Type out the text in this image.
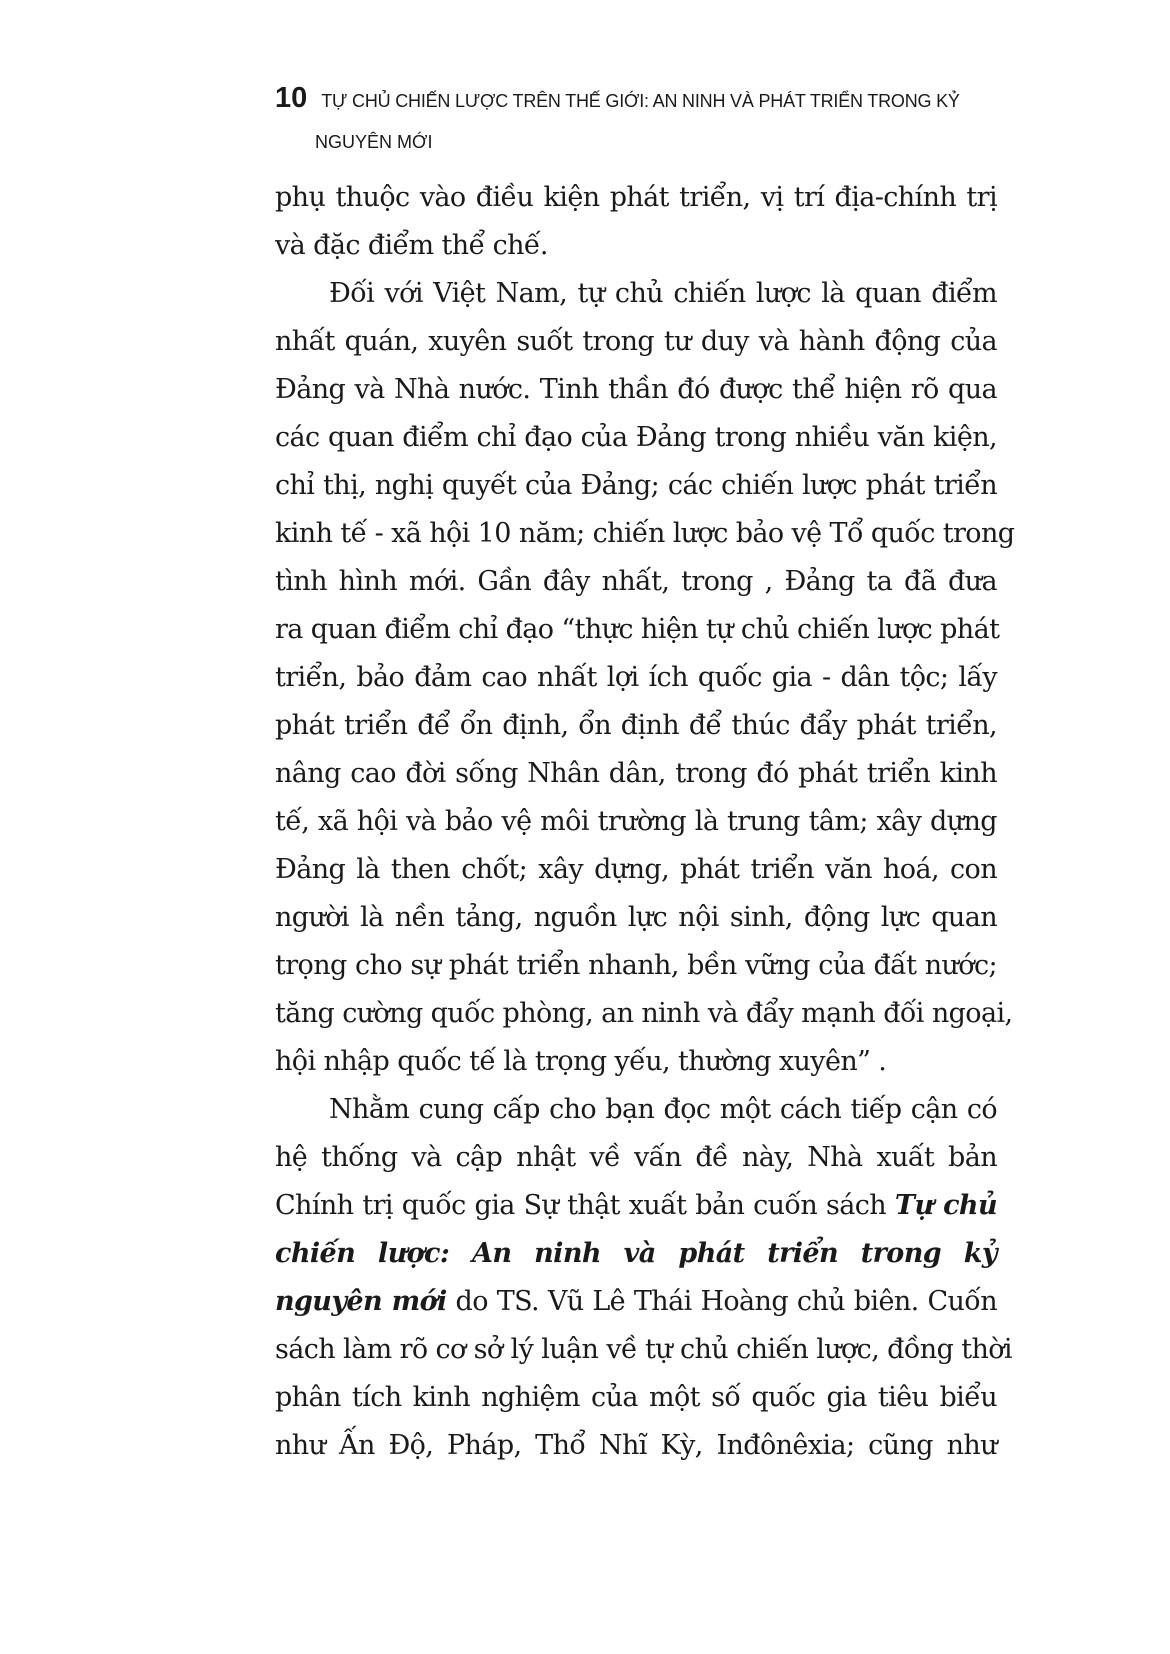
10 TỰ CHỦ CHIẾN LƯỢC TRÊN THẾ GIỚI: AN NINH VÀ PHÁT TRIỂN TRONG KỶ
NGUYÊN MỚI
phụ thuộc vào điều kiện phát triển, vị trí địa-chính trị
và đặc điểm thể chế.
Đối với Việt Nam, tự chủ chiến lược là quan điểm
nhất quán, xuyên suốt trong tư duy và hành động của
Đảng và Nhà nước. Tinh thần đó được thể hiện rõ qua
các quan điểm chỉ đạo của Đảng trong nhiều văn kiện,
chỉ thị, nghị quyết của Đảng; các chiến lược phát triển
kinh tế - xã hội 10 năm; chiến lược bảo vệ Tổ quốc trong
tình hình mới. Gần đây nhất, trong , Đảng ta đã đưa
ra quan điểm chỉ đạo “thực hiện tự chủ chiến lược phát
triển, bảo đảm cao nhất lợi ích quốc gia - dân tộc; lấy
phát triển để ổn định, ổn định để thúc đẩy phát triển,
nâng cao đời sống Nhân dân, trong đó phát triển kinh
tế, xã hội và bảo vệ môi trường là trung tâm; xây dựng
Đảng là then chốt; xây dựng, phát triển văn hoá, con
người là nền tảng, nguồn lực nội sinh, động lực quan
trọng cho sự phát triển nhanh, bền vững của đất nước;
tăng cường quốc phòng, an ninh và đẩy mạnh đối ngoại,
hội nhập quốc tế là trọng yếu, thường xuyên” .
Nhằm cung cấp cho bạn đọc một cách tiếp cận có
hệ thống và cập nhật về vấn đề này, Nhà xuất bản
Chính trị quốc gia Sự thật xuất bản cuốn sách Tự chủ
chiến lược: An ninh và phát triển trong kỷ
nguyên mới do TS. Vũ Lê Thái Hoàng chủ biên. Cuốn
sách làm rõ cơ sở lý luận về tự chủ chiến lược, đồng thời
phân tích kinh nghiệm của một số quốc gia tiêu biểu
như Ấn Độ, Pháp, Thổ Nhĩ Kỳ, Inđônêxia; cũng như
